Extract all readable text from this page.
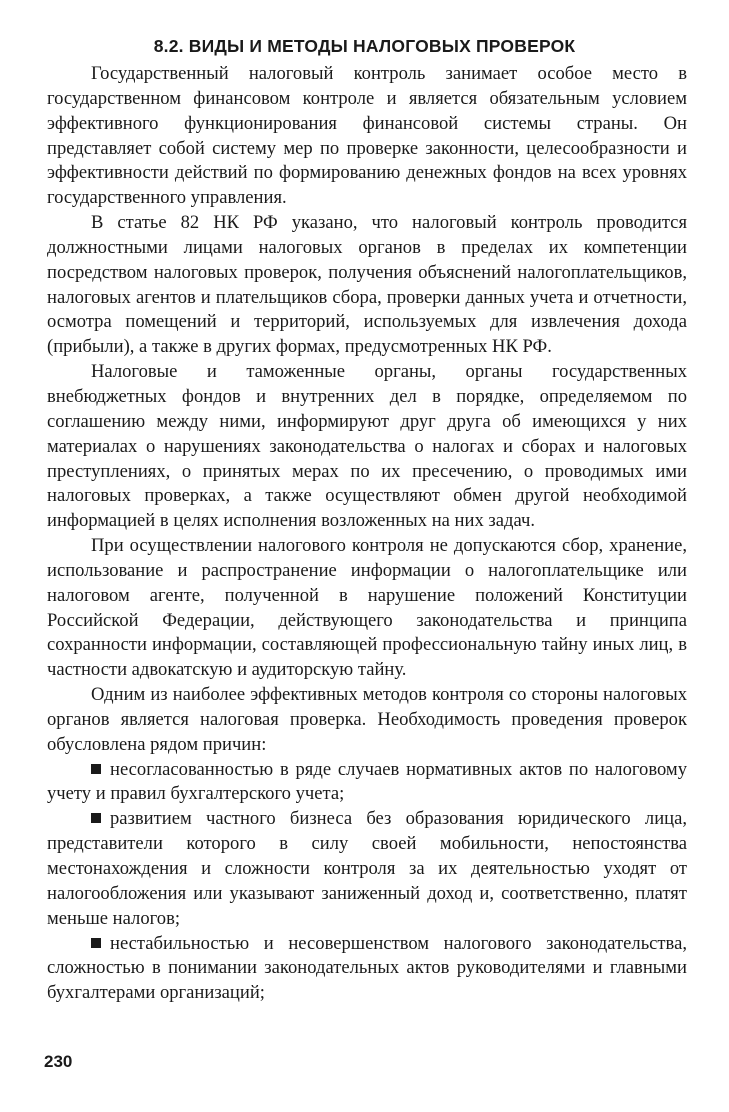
8.2. ВИДЫ И МЕТОДЫ НАЛОГОВЫХ ПРОВЕРОК

Государственный налоговый контроль занимает особое место в государственном финансовом контроле и является обязательным условием эффективного функционирования финансовой системы страны. Он представляет собой систему мер по проверке законности, целесообразности и эффективности действий по формированию денежных фондов на всех уровнях государственного управления.

В статье 82 НК РФ указано, что налоговый контроль проводится должностными лицами налоговых органов в пределах их компетенции посредством налоговых проверок, получения объяснений налогоплательщиков, налоговых агентов и плательщиков сбора, проверки данных учета и отчетности, осмотра помещений и территорий, используемых для извлечения дохода (прибыли), а также в других формах, предусмотренных НК РФ.

Налоговые и таможенные органы, органы государственных внебюджетных фондов и внутренних дел в порядке, определяемом по соглашению между ними, информируют друг друга об имеющихся у них материалах о нарушениях законодательства о налогах и сборах и налоговых преступлениях, о принятых мерах по их пресечению, о проводимых ими налоговых проверках, а также осуществляют обмен другой необходимой информацией в целях исполнения возложенных на них задач.

При осуществлении налогового контроля не допускаются сбор, хранение, использование и распространение информации о налогоплательщике или налоговом агенте, полученной в нарушение положений Конституции Российской Федерации, действующего законодательства и принципа сохранности информации, составляющей профессиональную тайну иных лиц, в частности адвокатскую и аудиторскую тайну.

Одним из наиболее эффективных методов контроля со стороны налоговых органов является налоговая проверка. Необходимость проведения проверок обусловлена рядом причин:

несогласованностью в ряде случаев нормативных актов по налоговому учету и правил бухгалтерского учета;

развитием частного бизнеса без образования юридического лица, представители которого в силу своей мобильности, непостоянства местонахождения и сложности контроля за их деятельностью уходят от налогообложения или указывают заниженный доход и, соответственно, платят меньше налогов;

нестабильностью и несовершенством налогового законодательства, сложностью в понимании законодательных актов руководителями и главными бухгалтерами организаций;

230
